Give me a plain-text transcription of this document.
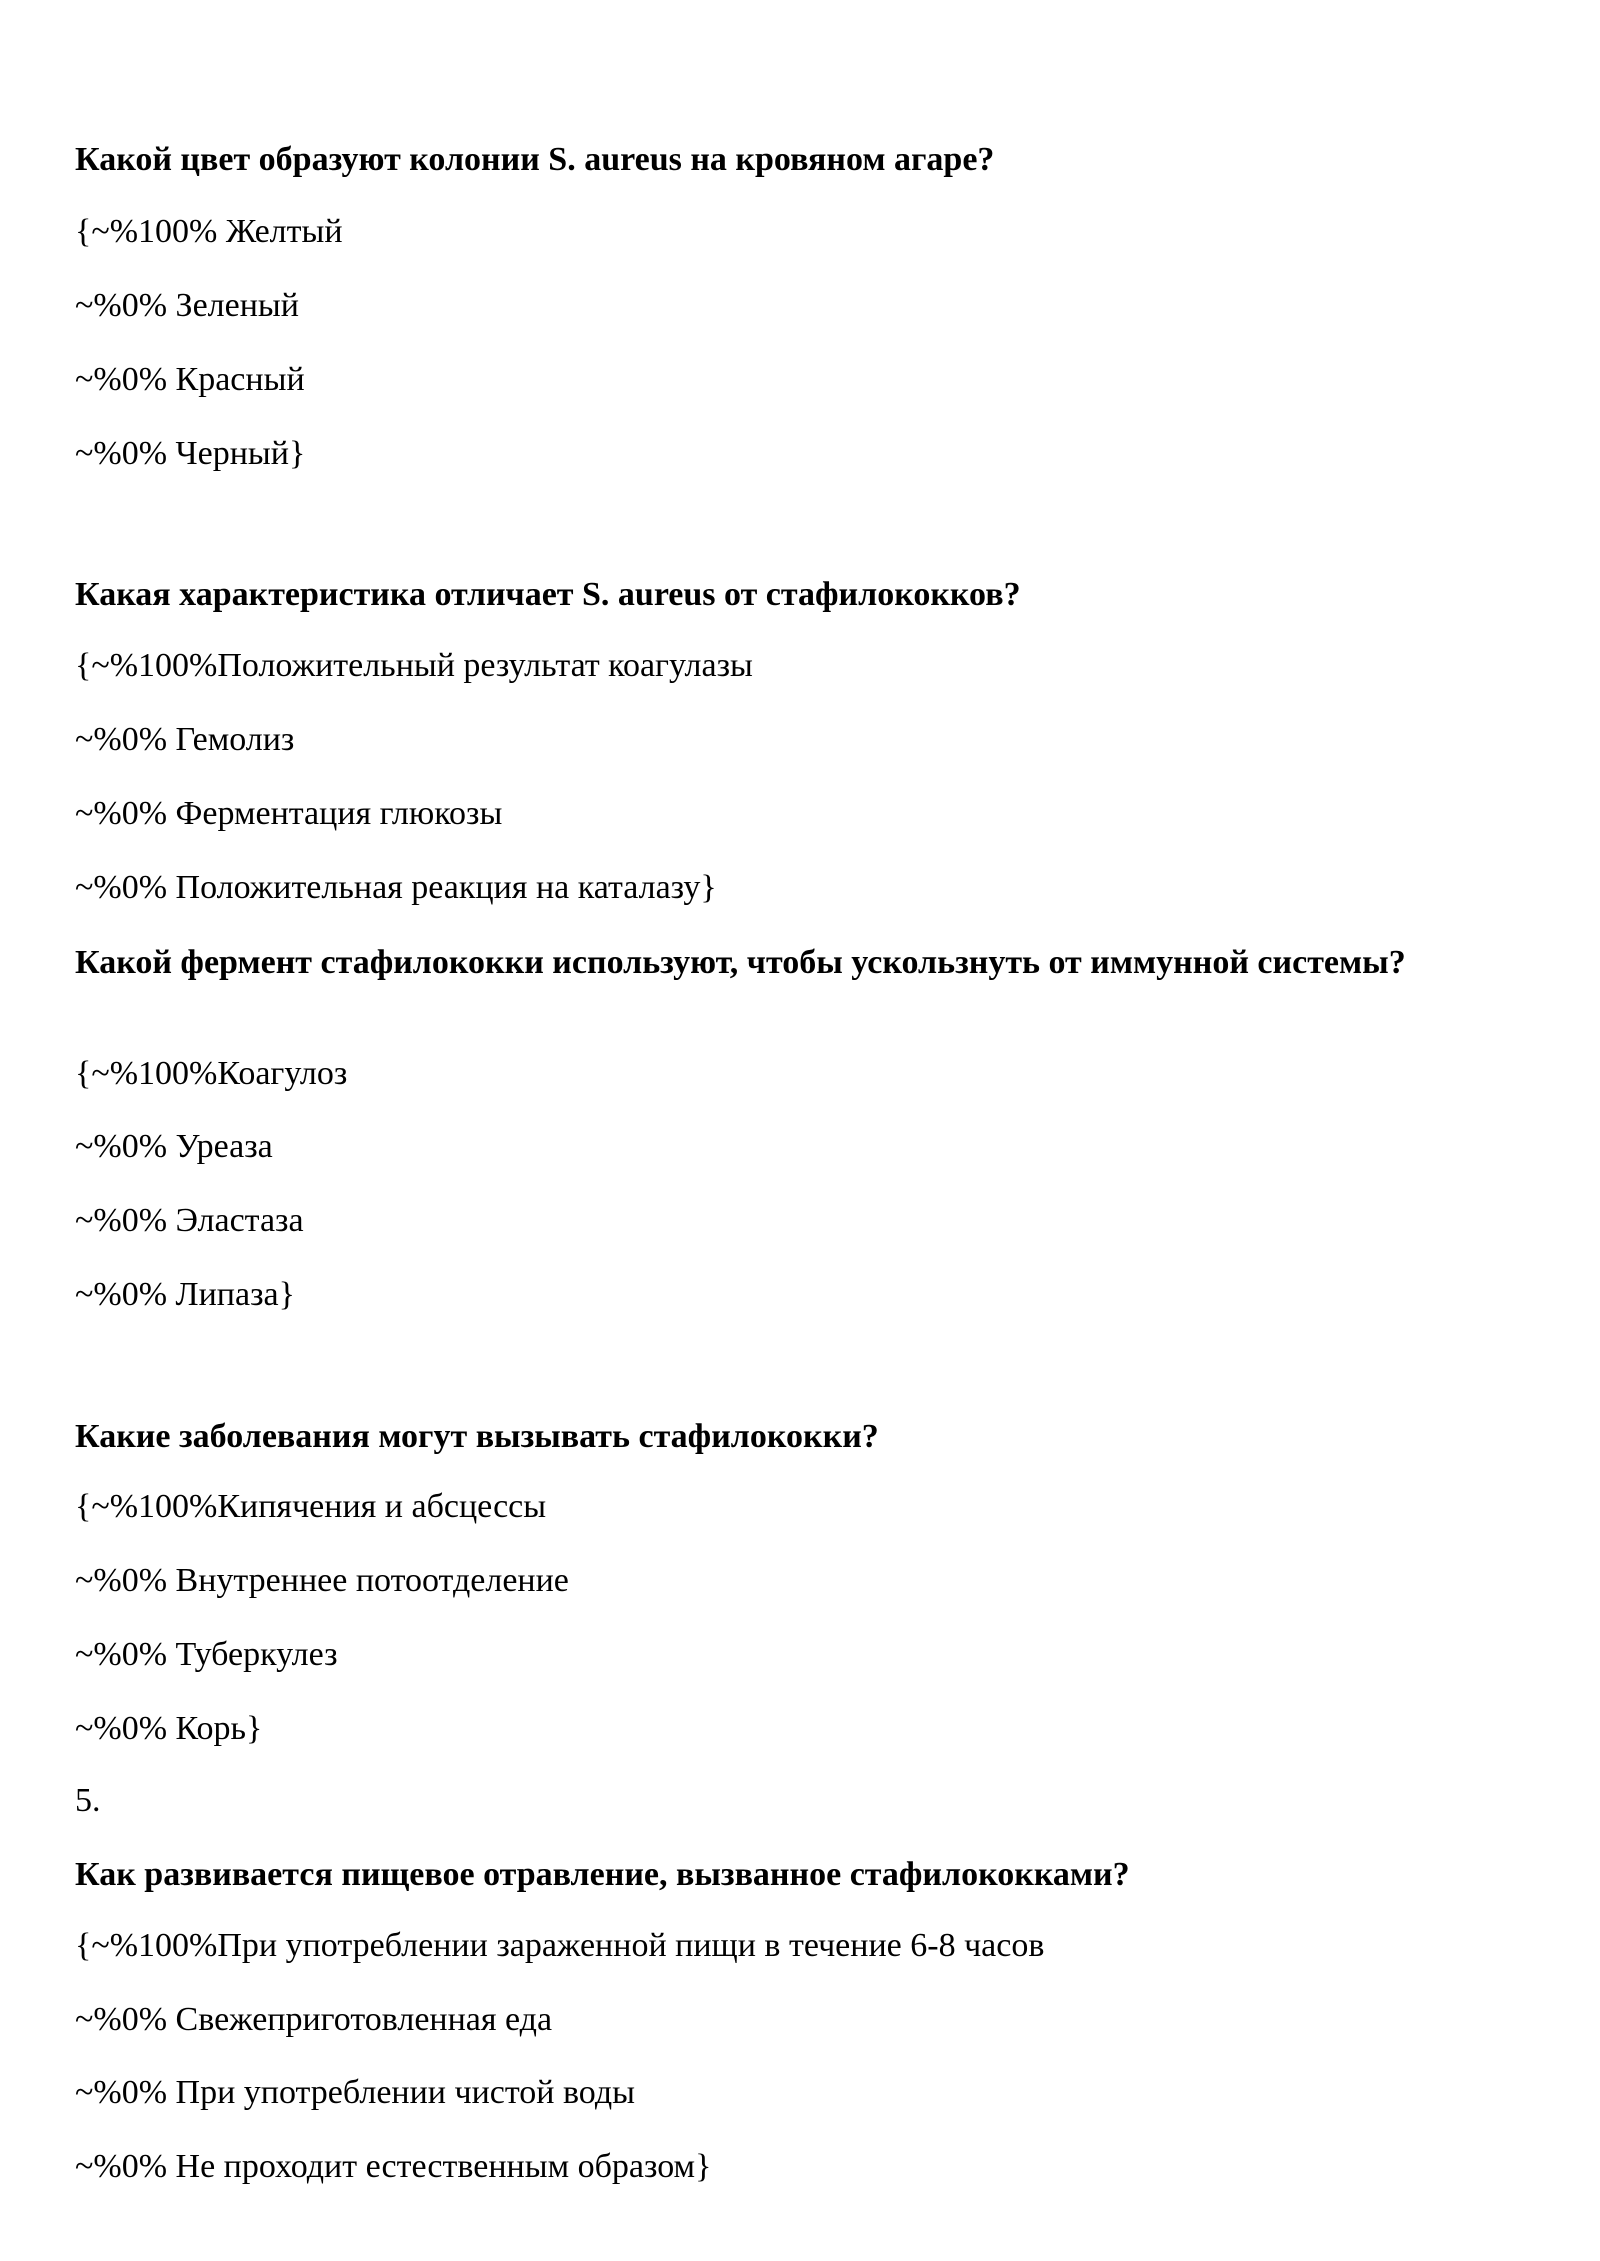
Какой цвет образуют колонии S. aureus на кровяном агаре?

{~%100% Желтый

~%0% Зеленый

~%0% Красный

~%0% Черный}

Какая характеристика отличает S. aureus от стафилококков?

{~%100%Положительный результат коагулазы

~%0% Гемолиз

~%0% Ферментация глюкозы

~%0% Положительная реакция на каталазу}

Какой фермент стафилококки используют, чтобы ускользнуть от иммунной системы?

{~%100%Коагулоз

~%0% Уреаза

~%0% Эластаза

~%0% Липаза}

Какие заболевания могут вызывать стафилококки?

{~%100%Кипячения и абсцессы

~%0% Внутреннее потоотделение

~%0% Туберкулез

~%0% Корь}

5.

Как развивается пищевое отравление, вызванное стафилококками?

{~%100%При употреблении зараженной пищи в течение 6-8 часов

~%0% Свежеприготовленная еда

~%0% При употреблении чистой воды

~%0% Не проходит естественным образом}
